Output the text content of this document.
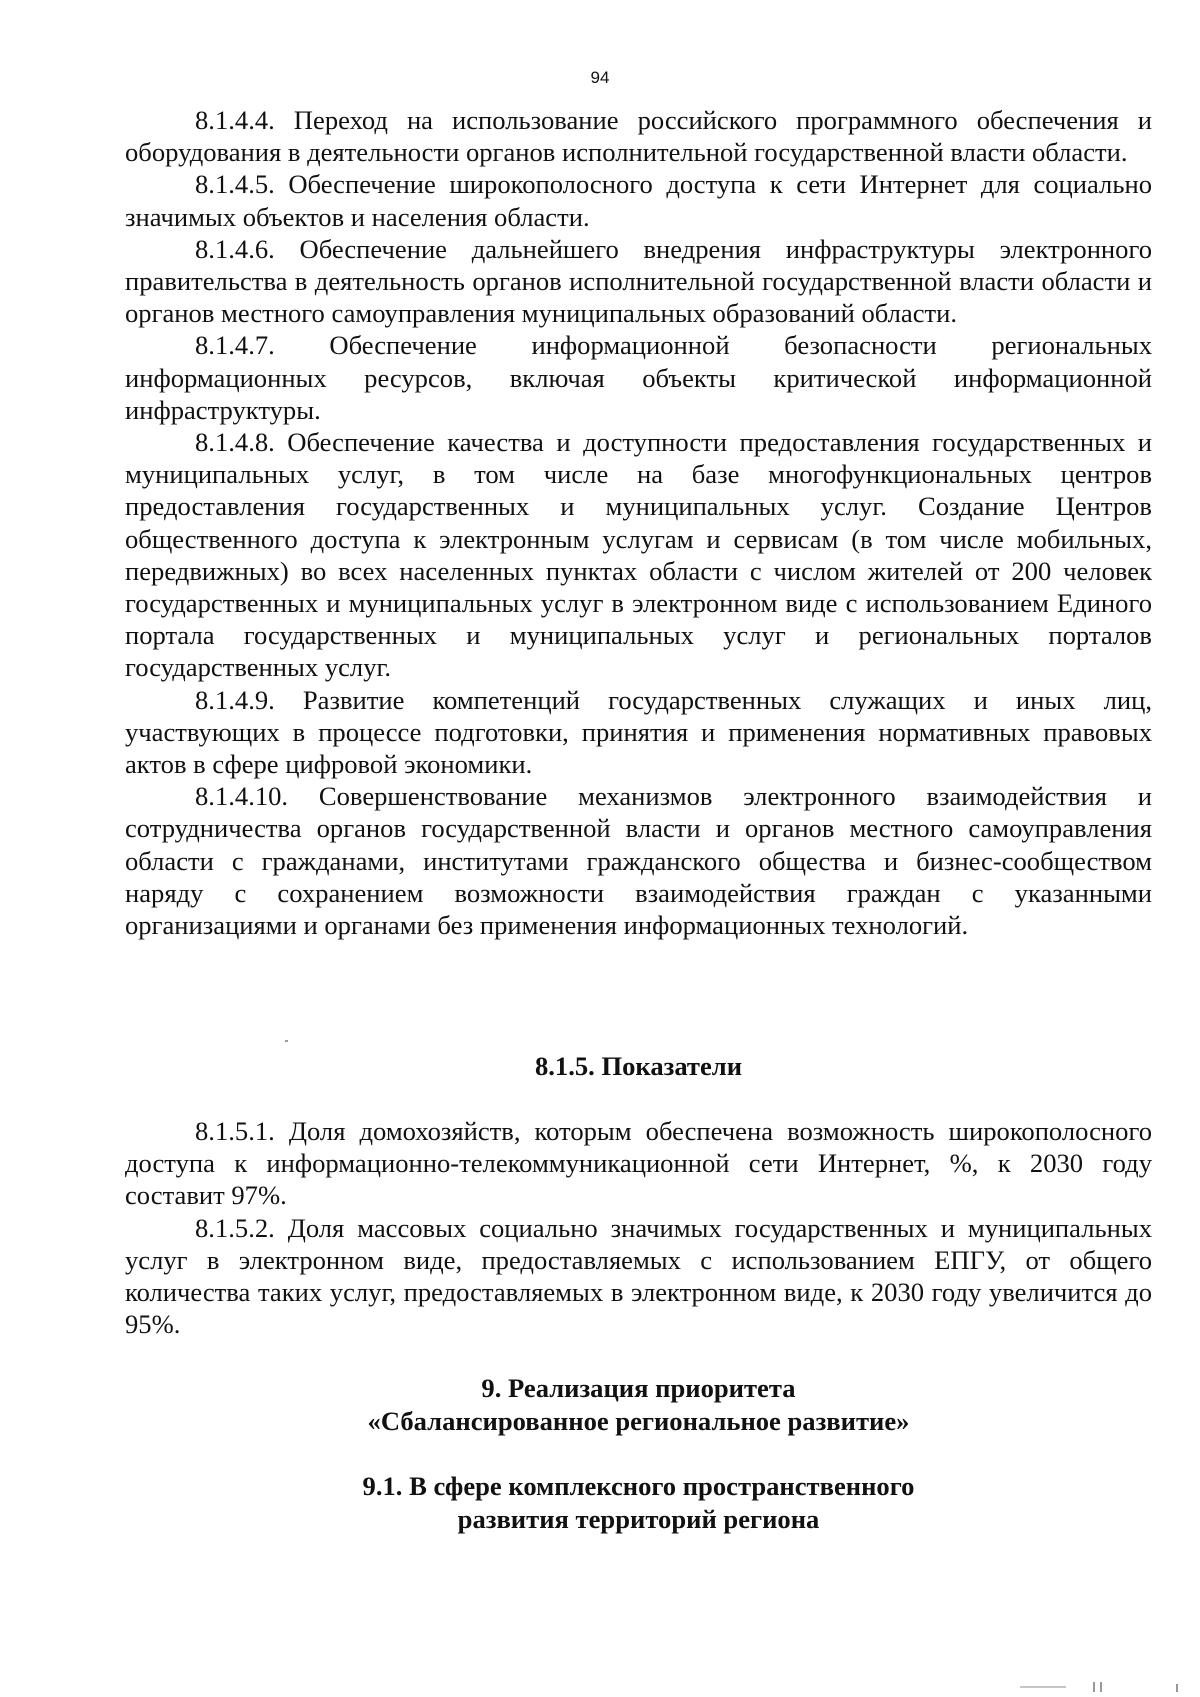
94

8.1.4.4. Переход на использование российского программного обеспечения и оборудования в деятельности органов исполнительной государственной власти области.

8.1.4.5. Обеспечение широкополосного доступа к сети Интернет для социально значимых объектов и населения области.

8.1.4.6. Обеспечение дальнейшего внедрения инфраструктуры электронного правительства в деятельность органов исполнительной государственной власти области и органов местного самоуправления муниципальных образований области.

8.1.4.7. Обеспечение информационной безопасности региональных информационных ресурсов, включая объекты критической информационной инфраструктуры.

8.1.4.8. Обеспечение качества и доступности предоставления государственных и муниципальных услуг, в том числе на базе многофункциональных центров предоставления государственных и муниципальных услуг. Создание Центров общественного доступа к электронным услугам и сервисам (в том числе мобильных, передвижных) во всех населенных пунктах области с числом жителей от 200 человек государственных и муниципальных услуг в электронном виде с использованием Единого портала государственных и муниципальных услуг и региональных порталов государственных услуг.

8.1.4.9. Развитие компетенций государственных служащих и иных лиц, участвующих в процессе подготовки, принятия и применения нормативных правовых актов в сфере цифровой экономики.

8.1.4.10. Совершенствование механизмов электронного взаимодействия и сотрудничества органов государственной власти и органов местного самоуправления области с гражданами, институтами гражданского общества и бизнес-сообществом наряду с сохранением возможности взаимодействия граждан с указанными организациями и органами без применения информационных технологий.

8.1.5. Показатели

8.1.5.1. Доля домохозяйств, которым обеспечена возможность широкополосного доступа к информационно-телекоммуникационной сети Интернет, %, к 2030 году составит 97%.

8.1.5.2. Доля массовых социально значимых государственных и муниципальных услуг в электронном виде, предоставляемых с использованием ЕПГУ, от общего количества таких услуг, предоставляемых в электронном виде, к 2030 году увеличится до 95%.

9. Реализация приоритета
«Сбалансированное региональное развитие»
9.1. В сфере комплексного пространственного
развития территорий региона
